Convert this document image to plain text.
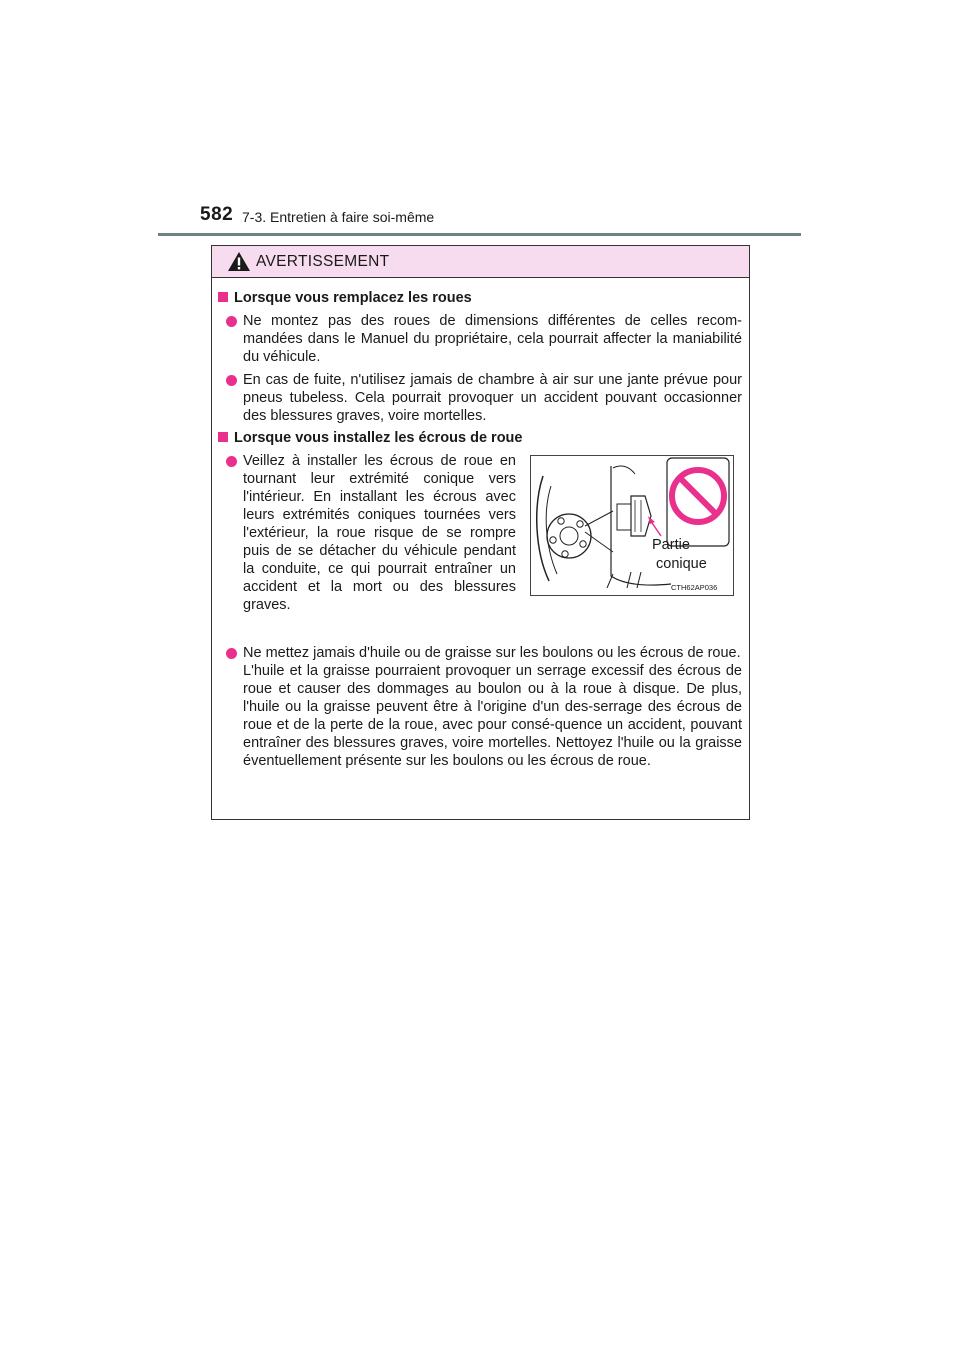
582 7-3. Entretien à faire soi-même
AVERTISSEMENT
Lorsque vous remplacez les roues

Ne montez pas des roues de dimensions différentes de celles recom-mandées dans le Manuel du propriétaire, cela pourrait affecter la maniabilité du véhicule.

En cas de fuite, n'utilisez jamais de chambre à air sur une jante prévue pour pneus tubeless. Cela pourrait provoquer un accident pouvant occasionner des blessures graves, voire mortelles.

Lorsque vous installez les écrous de roue

Veillez à installer les écrous de roue en tournant leur extrémité conique vers l'intérieur. En installant les écrous avec leurs extrémités coniques tournées vers l'extérieur, la roue risque de se rompre puis de se détacher du véhicule pendant la conduite, ce qui pourrait entraîner un accident et la mort ou des blessures graves.

Partie
conique
CTH62AP036

Ne mettez jamais d'huile ou de graisse sur les boulons ou les écrous de roue.

L'huile et la graisse pourraient provoquer un serrage excessif des écrous de roue et causer des dommages au boulon ou à la roue à disque. De plus, l'huile ou la graisse peuvent être à l'origine d'un des-serrage des écrous de roue et de la perte de la roue, avec pour consé-quence un accident, pouvant entraîner des blessures graves, voire mortelles. Nettoyez l'huile ou la graisse éventuellement présente sur les boulons ou les écrous de roue.
